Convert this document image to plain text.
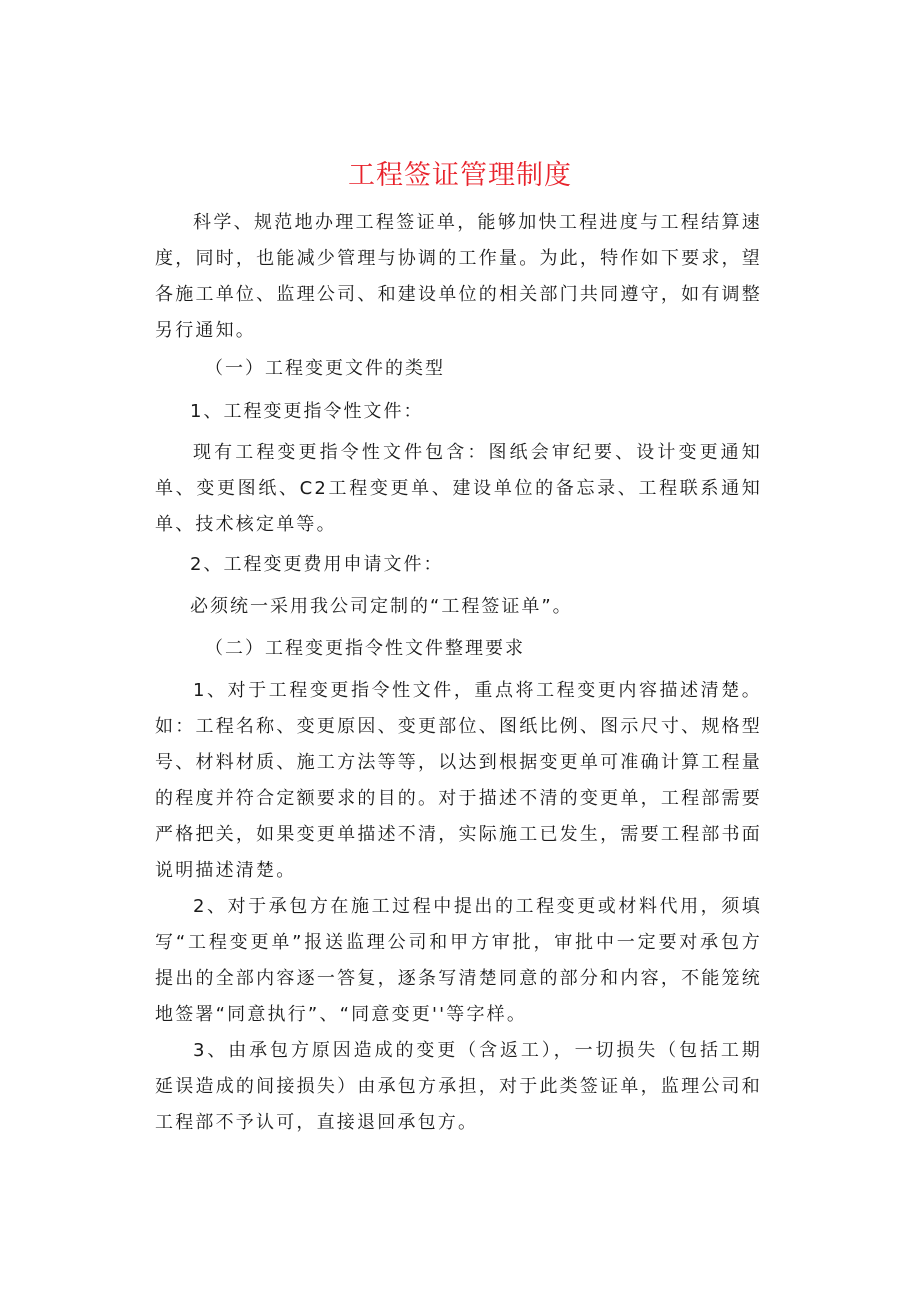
工程签证管理制度

科学、规范地办理工程签证单，能够加快工程进度与工程结算速度，同时，也能减少管理与协调的工作量。为此，特作如下要求，望各施工单位、监理公司、和建设单位的相关部门共同遵守，如有调整另行通知。

（一）工程变更文件的类型

1、工程变更指令性文件：

现有工程变更指令性文件包含：图纸会审纪要、设计变更通知单、变更图纸、C2工程变更单、建设单位的备忘录、工程联系通知单、技术核定单等。

2、工程变更费用申请文件：

必须统一采用我公司定制的“工程签证单”。

（二）工程变更指令性文件整理要求

1、对于工程变更指令性文件，重点将工程变更内容描述清楚。如：工程名称、变更原因、变更部位、图纸比例、图示尺寸、规格型号、材料材质、施工方法等等，以达到根据变更单可准确计算工程量的程度并符合定额要求的目的。对于描述不清的变更单，工程部需要严格把关，如果变更单描述不清，实际施工已发生，需要工程部书面说明描述清楚。

2、对于承包方在施工过程中提出的工程变更或材料代用，须填写“工程变更单”报送监理公司和甲方审批，审批中一定要对承包方提出的全部内容逐一答复，逐条写清楚同意的部分和内容，不能笼统地签署“同意执行”、“同意变更''等字样。

3、由承包方原因造成的变更（含返工），一切损失（包括工期延误造成的间接损失）由承包方承担，对于此类签证单，监理公司和工程部不予认可，直接退回承包方。
